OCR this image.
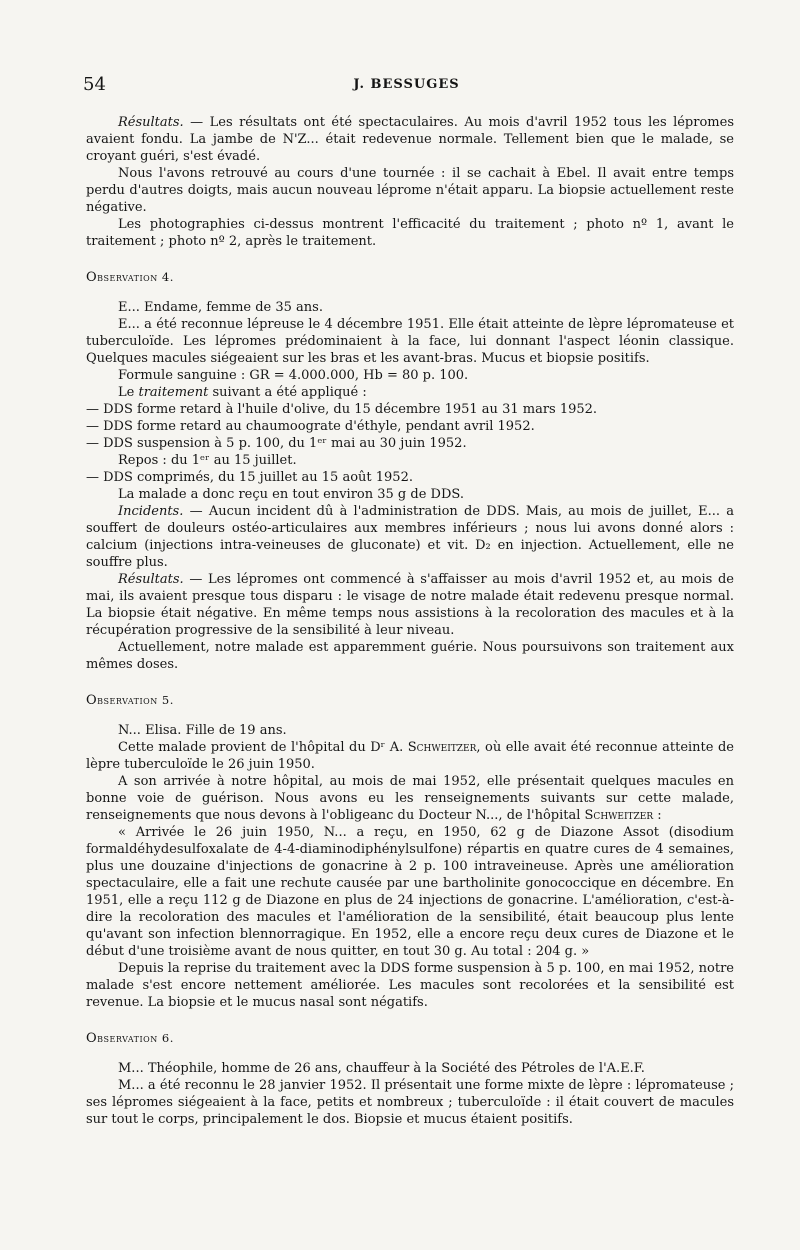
54	J. BESSUGES

Résultats. — Les résultats ont été spectaculaires. Au mois d'avril 1952 tous les lépromes avaient fondu. La jambe de N'Z... était redevenue normale. Tellement bien que le malade, se croyant guéri, s'est évadé.

Nous l'avons retrouvé au cours d'une tournée : il se cachait à Ebel. Il avait entre temps perdu d'autres doigts, mais aucun nouveau léprome n'était apparu. La biopsie actuellement reste négative.

Les photographies ci-dessus montrent l'efficacité du traitement ; photo nº 1, avant le traitement ; photo nº 2, après le traitement.

Observation 4.

E... Endame, femme de 35 ans.

E... a été reconnue lépreuse le 4 décembre 1951. Elle était atteinte de lèpre lépromateuse et tuberculoïde. Les lépromes prédominaient à la face, lui donnant l'aspect léonin classique. Quelques macules siégeaient sur les bras et les avant-bras. Mucus et biopsie positifs.

Formule sanguine : GR = 4.000.000, Hb = 80 p. 100.

Le traitement suivant a été appliqué :

— DDS forme retard à l'huile d'olive, du 15 décembre 1951 au 31 mars 1952.

— DDS forme retard au chaumoograte d'éthyle, pendant avril 1952.

— DDS suspension à 5 p. 100, du 1ᵉʳ mai au 30 juin 1952.

Repos : du 1ᵉʳ au 15 juillet.

— DDS comprimés, du 15 juillet au 15 août 1952.

La malade a donc reçu en tout environ 35 g de DDS.

Incidents. — Aucun incident dû à l'administration de DDS. Mais, au mois de juillet, E... a souffert de douleurs ostéo-articulaires aux membres inférieurs ; nous lui avons donné alors : calcium (injections intra-veineuses de gluconate) et vit. D₂ en injection. Actuellement, elle ne souffre plus.

Résultats. — Les lépromes ont commencé à s'affaisser au mois d'avril 1952 et, au mois de mai, ils avaient presque tous disparu : le visage de notre malade était redevenu presque normal. La biopsie était négative. En même temps nous assistions à la recoloration des macules et à la récupération progressive de la sensibilité à leur niveau.

Actuellement, notre malade est apparemment guérie. Nous poursuivons son traitement aux mêmes doses.

Observation 5.

N... Elisa. Fille de 19 ans.

Cette malade provient de l'hôpital du Dʳ A. Schweitzer, où elle avait été reconnue atteinte de lèpre tuberculoïde le 26 juin 1950.

A son arrivée à notre hôpital, au mois de mai 1952, elle présentait quelques macules en bonne voie de guérison. Nous avons eu les renseignements suivants sur cette malade, renseignements que nous devons à l'obligeanc du Docteur N..., de l'hôpital Schweitzer :

« Arrivée le 26 juin 1950, N... a reçu, en 1950, 62 g de Diazone Assot (disodium formaldéhydesulfoxalate de 4-4-diaminodiphénylsulfone) répartis en quatre cures de 4 semaines, plus une douzaine d'injections de gonacrine à 2 p. 100 intraveineuse. Après une amélioration spectaculaire, elle a fait une rechute causée par une bartholinite gonococcique en décembre. En 1951, elle a reçu 112 g de Diazone en plus de 24 injections de gonacrine. L'amélioration, c'est-à-dire la recoloration des macules et l'amélioration de la sensibilité, était beaucoup plus lente qu'avant son infection blennorragique. En 1952, elle a encore reçu deux cures de Diazone et le début d'une troisième avant de nous quitter, en tout 30 g. Au total : 204 g. »

Depuis la reprise du traitement avec la DDS forme suspension à 5 p. 100, en mai 1952, notre malade s'est encore nettement améliorée. Les macules sont recolorées et la sensibilité est revenue. La biopsie et le mucus nasal sont négatifs.

Observation 6.

M... Théophile, homme de 26 ans, chauffeur à la Société des Pétroles de l'A.E.F.

M... a été reconnu le 28 janvier 1952. Il présentait une forme mixte de lèpre : lépromateuse ; ses lépromes siégeaient à la face, petits et nombreux ; tuberculoïde : il était couvert de macules sur tout le corps, principalement le dos. Biopsie et mucus étaient positifs.
